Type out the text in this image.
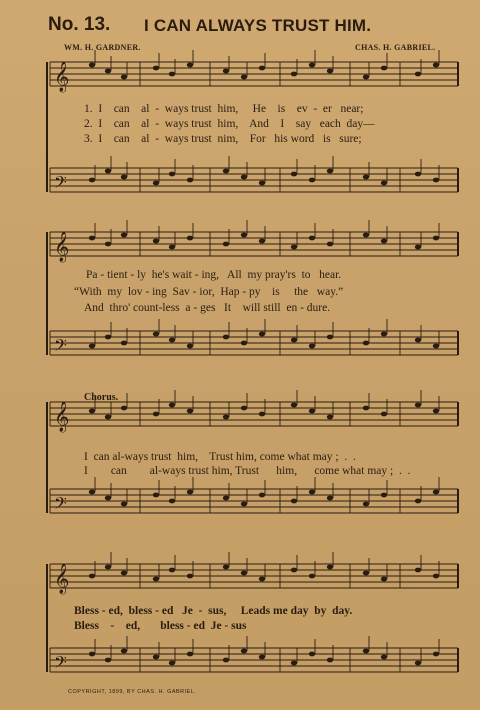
No. 13. I CAN ALWAYS TRUST HIM.
WM. H. GARDNER.	CHAS. H. GABRIEL.
𝄞
𝄢
𝄞
𝄢
𝄞
𝄢
𝄞
𝄢
1.  I    can    al  -  ways trust  him,     He    is    ev  -  er   near;
2.  I    can    al  -  ways trust  him,    And    I    say   each  day—
3.  I    can    al  -  ways trust  nim,    For   his word   is   sure;
Pa - tient - ly  he's wait - ing,   All  my pray'rs  to   hear.
“With  my  lov - ing  Sav - ior,  Hap - py    is     the   way.”
And  thro' count-less  a - ges   It    will still  en - dure.
Chorus.
I  can al-ways trust  him,    Trust him, come what may ;  .  .
I        can        al-ways trust him, Trust      him,      come what may ;  .  .
Bless - ed,  bless - ed   Je  -  sus,     Leads me day  by  day.
Bless    -    ed,       bless - ed  Je - sus
COPYRIGHT, 1899, BY CHAS. H. GABRIEL.
